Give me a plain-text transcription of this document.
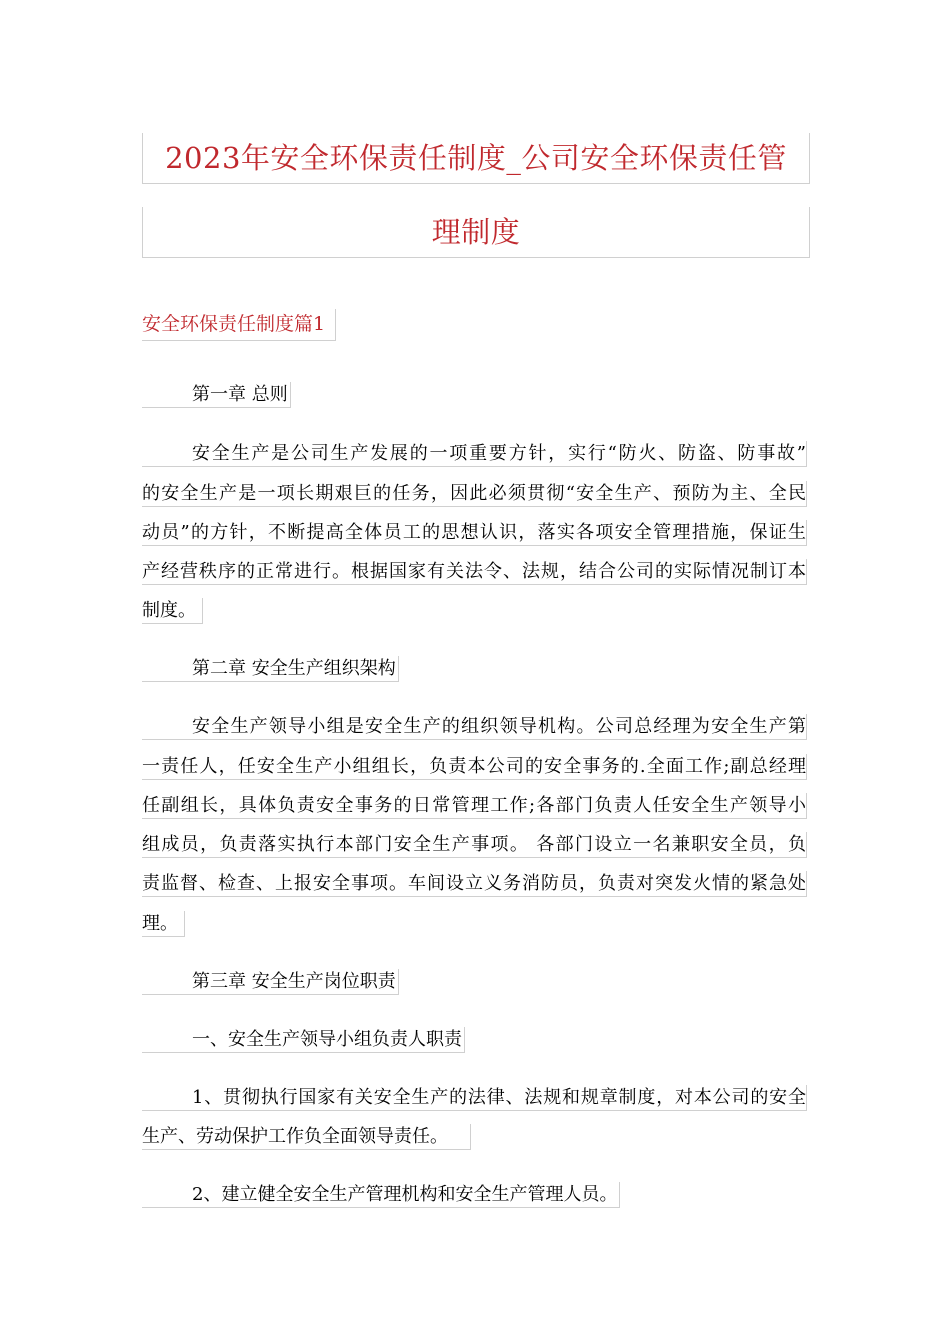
2023年安全环保责任制度_公司安全环保责任管
理制度
安全环保责任制度篇1
第一章 总则
安全生产是公司生产发展的一项重要方针，实行“防火、防盗、防事故”
的安全生产是一项长期艰巨的任务，因此必须贯彻“安全生产、预防为主、全民
动员”的方针，不断提高全体员工的思想认识，落实各项安全管理措施，保证生
产经营秩序的正常进行。根据国家有关法令、法规，结合公司的实际情况制订本
制度。
第二章 安全生产组织架构
安全生产领导小组是安全生产的组织领导机构。公司总经理为安全生产第
一责任人，任安全生产小组组长，负责本公司的安全事务的.全面工作;副总经理
任副组长，具体负责安全事务的日常管理工作;各部门负责人任安全生产领导小
组成员，负责落实执行本部门安全生产事项。 各部门设立一名兼职安全员，负
责监督、检查、上报安全事项。车间设立义务消防员，负责对突发火情的紧急处
理。
第三章 安全生产岗位职责
一、安全生产领导小组负责人职责
1、贯彻执行国家有关安全生产的法律、法规和规章制度，对本公司的安全
生产、劳动保护工作负全面领导责任。
2、建立健全安全生产管理机构和安全生产管理人员。
